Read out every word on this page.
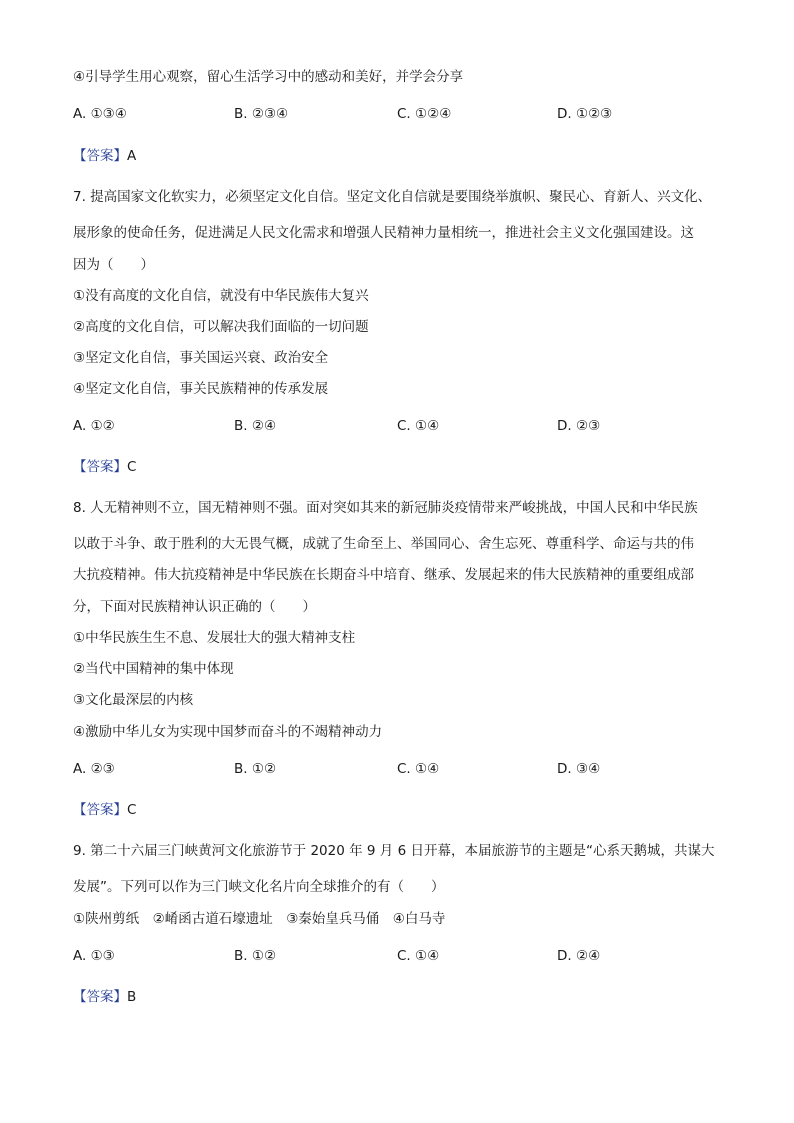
④引导学生用心观察，留心生活学习中的感动和美好，并学会分享
A. ①③④	B. ②③④	C. ①②④	D. ①②③
【答案】A
7. 提高国家文化软实力，必须坚定文化自信。坚定文化自信就是要围绕举旗帜、聚民心、育新人、兴文化、
展形象的使命任务，促进满足人民文化需求和增强人民精神力量相统一，推进社会主义文化强国建设。这
因为（　　）
①没有高度的文化自信，就没有中华民族伟大复兴
②高度的文化自信，可以解决我们面临的一切问题
③坚定文化自信，事关国运兴衰、政治安全
④坚定文化自信，事关民族精神的传承发展
A. ①②	B. ②④	C. ①④	D. ②③
【答案】C
8. 人无精神则不立，国无精神则不强。面对突如其来的新冠肺炎疫情带来严峻挑战，中国人民和中华民族
以敢于斗争、敢于胜利的大无畏气概，成就了生命至上、举国同心、舍生忘死、尊重科学、命运与共的伟
大抗疫精神。伟大抗疫精神是中华民族在长期奋斗中培育、继承、发展起来的伟大民族精神的重要组成部
分，下面对民族精神认识正确的（　　）
①中华民族生生不息、发展壮大的强大精神支柱
②当代中国精神的集中体现
③文化最深层的内核
④激励中华儿女为实现中国梦而奋斗的不竭精神动力
A. ②③	B. ①②	C. ①④	D. ③④
【答案】C
9. 第二十六届三门峡黄河文化旅游节于 2020 年 9 月 6 日开幕，本届旅游节的主题是“心系天鹅城，共谋大
发展”。下列可以作为三门峡文化名片向全球推介的有（　　）
①陕州剪纸　②崤函古道石壕遗址　③秦始皇兵马俑　④白马寺
A. ①③	B. ①②	C. ①④	D. ②④
【答案】B
